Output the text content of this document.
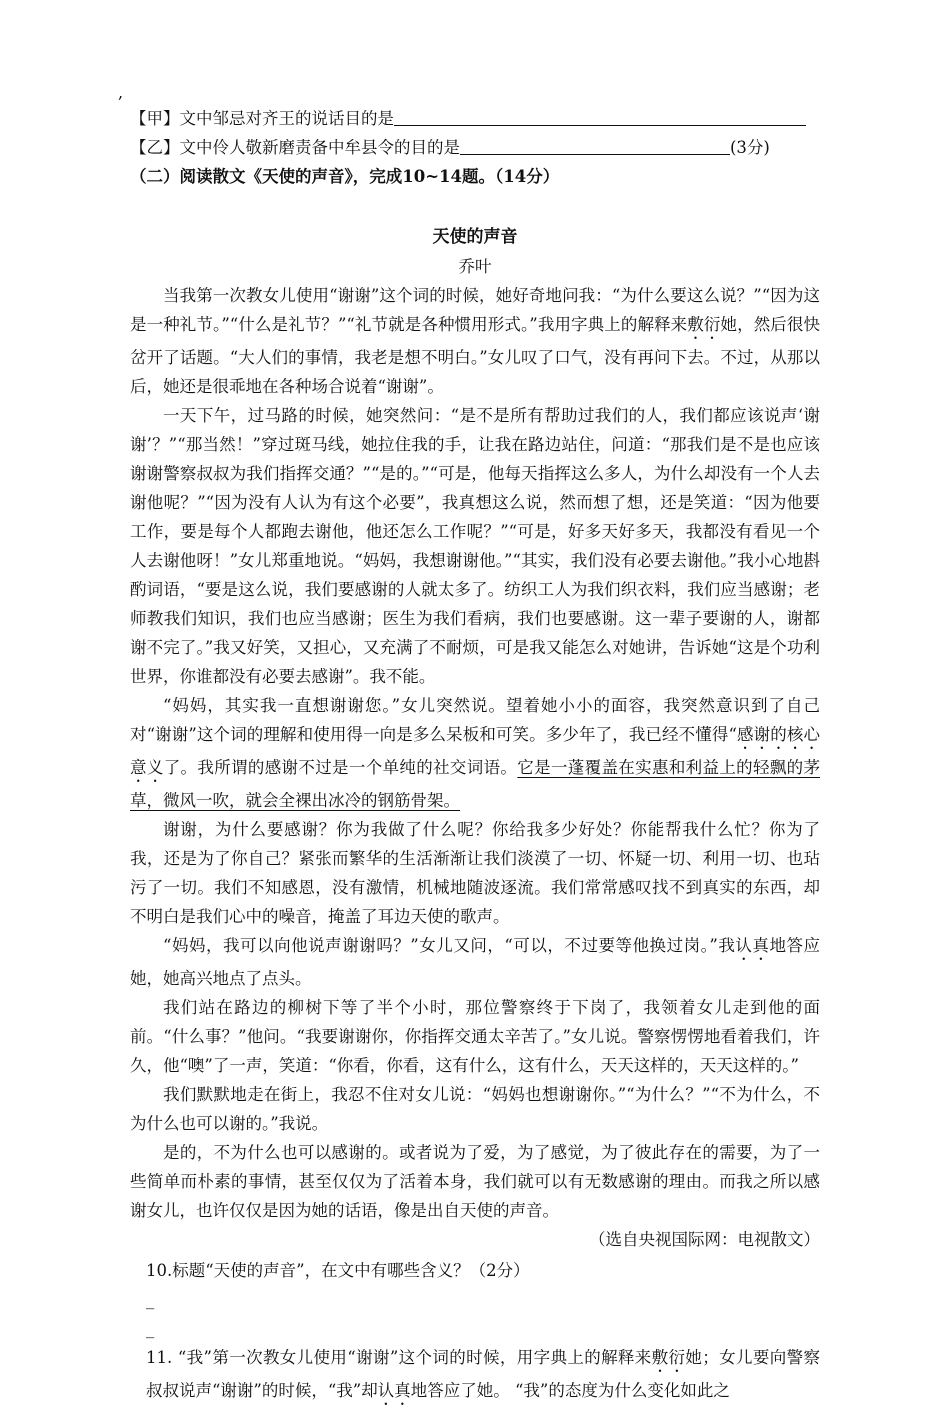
,
【甲】文中邹忌对齐王的说话目的是
【乙】文中伶人敬新磨责备中牟县令的目的是	(3分)
（二）阅读散文《天使的声音》，完成10~14题。（14分）
天使的声音
乔叶

当我第一次教女儿使用“谢谢”这个词的时候，她好奇地问我：“为什么要这么说？”“因为这是一种礼节。”“什么是礼节？”“礼节就是各种惯用形式。”我用字典上的解释来敷衍她，然后很快岔开了话题。“大人们的事情，我老是想不明白。”女儿叹了口气，没有再问下去。不过，从那以后，她还是很乖地在各种场合说着“谢谢”。

一天下午，过马路的时候，她突然问：“是不是所有帮助过我们的人，我们都应该说声‘谢谢’？”“那当然！”穿过斑马线，她拉住我的手，让我在路边站住，问道：“那我们是不是也应该谢谢警察叔叔为我们指挥交通？”“是的。”“可是，他每天指挥这么多人，为什么却没有一个人去谢他呢？”“因为没有人认为有这个必要”，我真想这么说，然而想了想，还是笑道：“因为他要工作，要是每个人都跑去谢他，他还怎么工作呢？”“可是，好多天好多天，我都没有看见一个人去谢他呀！”女儿郑重地说。“妈妈，我想谢谢他。”“其实，我们没有必要去谢他。”我小心地斟酌词语，“要是这么说，我们要感谢的人就太多了。纺织工人为我们织衣料，我们应当感谢；老师教我们知识，我们也应当感谢；医生为我们看病，我们也要感谢。这一辈子要谢的人，谢都谢不完了。”我又好笑，又担心，又充满了不耐烦，可是我又能怎么对她讲，告诉她“这是个功利世界，你谁都没有必要去感谢”。我不能。

“妈妈，其实我一直想谢谢您。”女儿突然说。望着她小小的面容，我突然意识到了自己对“谢谢”这个词的理解和使用得一向是多么呆板和可笑。多少年了，我已经不懂得“感谢的核心意义了。我所谓的感谢不过是一个单纯的社交词语。它是一蓬覆盖在实惠和利益上的轻飘的茅草，微风一吹，就会全裸出冰冷的钢筋骨架。

谢谢，为什么要感谢？你为我做了什么呢？你给我多少好处？你能帮我什么忙？你为了我，还是为了你自己？紧张而繁华的生活渐渐让我们淡漠了一切、怀疑一切、利用一切、也玷污了一切。我们不知感恩，没有激情，机械地随波逐流。我们常常感叹找不到真实的东西，却不明白是我们心中的噪音，掩盖了耳边天使的歌声。

“妈妈，我可以向他说声谢谢吗？”女儿又问，“可以，不过要等他换过岗。”我认真地答应她，她高兴地点了点头。

我们站在路边的柳树下等了半个小时，那位警察终于下岗了，我领着女儿走到他的面前。“什么事？”他问。“我要谢谢你，你指挥交通太辛苦了。”女儿说。警察愣愣地看着我们，许久，他“噢”了一声，笑道：“你看，你看，这有什么，这有什么，天天这样的，天天这样的。”

我们默默地走在街上，我忍不住对女儿说：“妈妈也想谢谢你。”“为什么？”“不为什么，不为什么也可以谢的。”我说。

是的，不为什么也可以感谢的。或者说为了爱，为了感觉，为了彼此存在的需要，为了一些简单而朴素的事情，甚至仅仅为了活着本身，我们就可以有无数感谢的理由。而我之所以感谢女儿，也许仅仅是因为她的话语，像是出自天使的声音。

（选自央视国际网：电视散文）
10.标题“天使的声音”，在文中有哪些含义？（2分）
_
_

11. “我”第一次教女儿使用“谢谢”这个词的时候，用字典上的解释来敷衍她；女儿要向警察叔叔说声“谢谢”的时候，“我”却认真地答应了她。 “我”的态度为什么变化如此之
